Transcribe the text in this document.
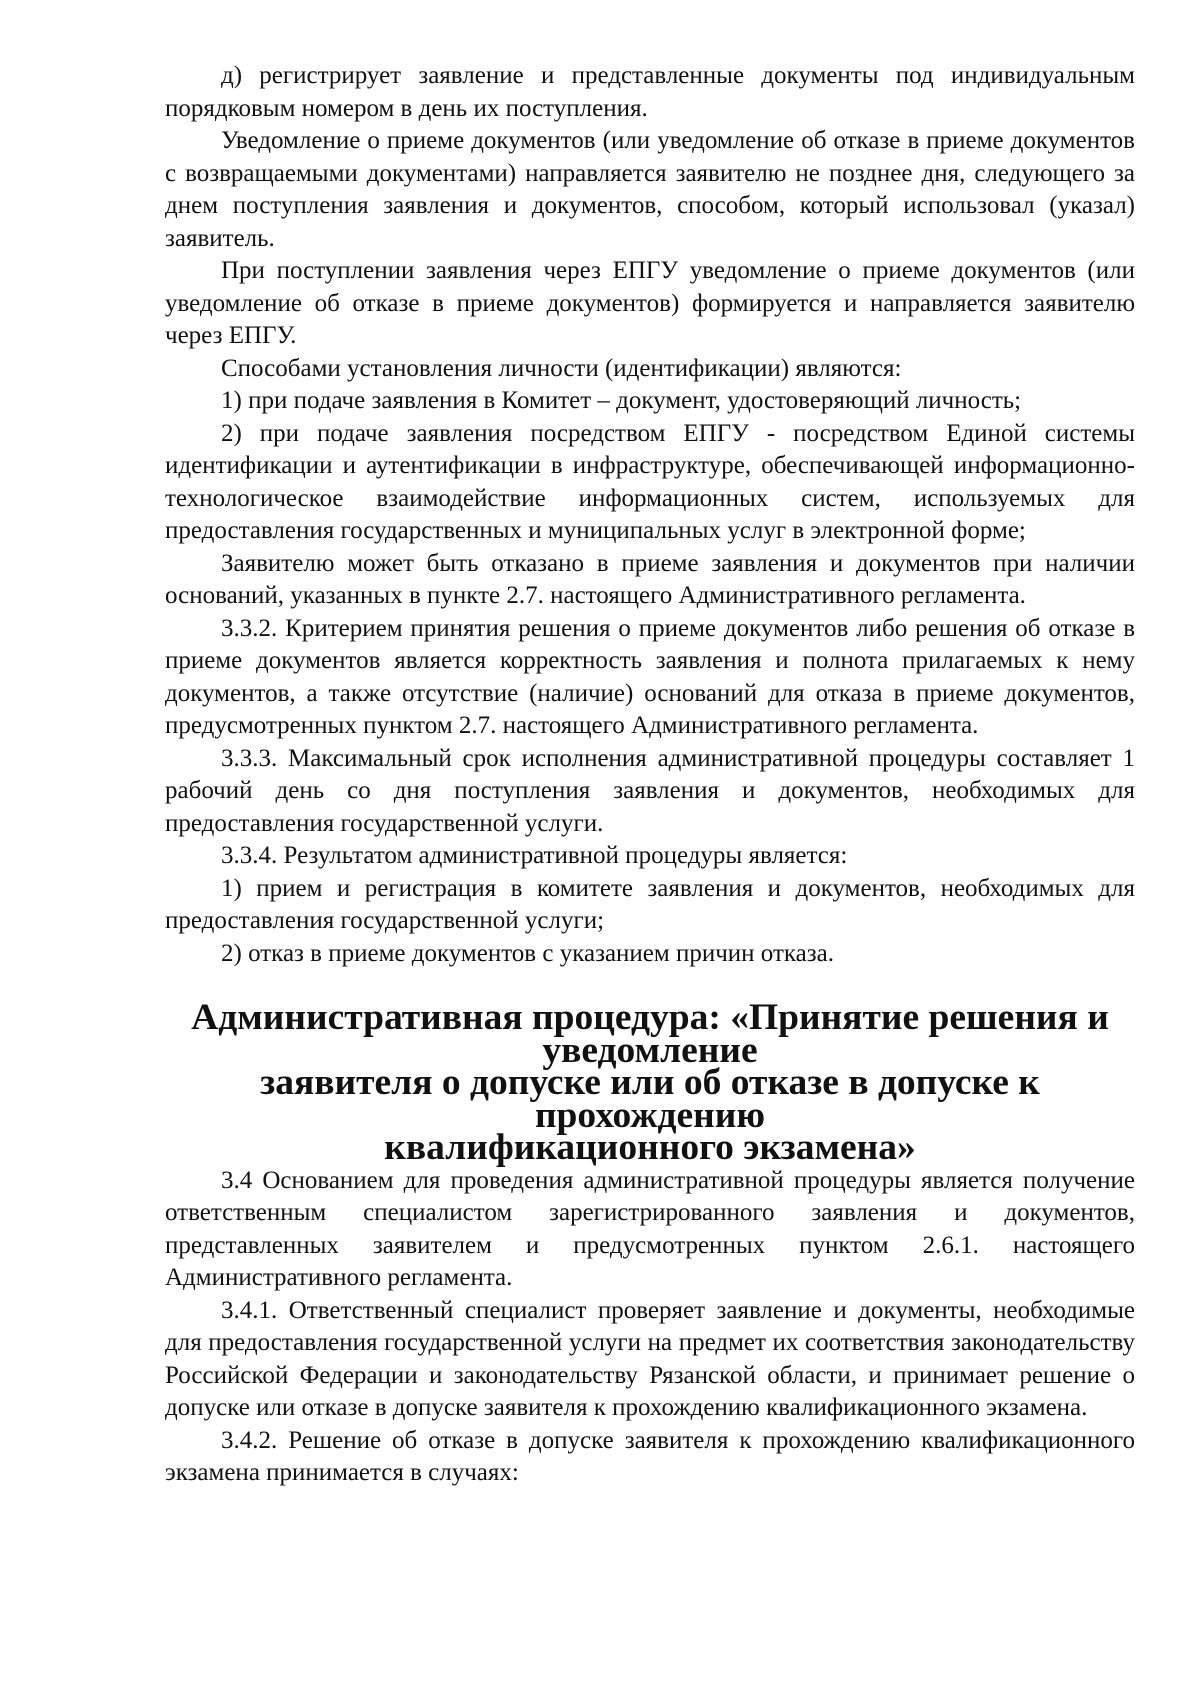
д) регистрирует заявление и представленные документы под индивидуальным порядковым номером в день их поступления.

Уведомление о приеме документов (или уведомление об отказе в приеме документов с возвращаемыми документами) направляется заявителю не позднее дня, следующего за днем поступления заявления и документов, способом, который использовал (указал) заявитель.

При поступлении заявления через ЕПГУ уведомление о приеме документов (или уведомление об отказе в приеме документов) формируется и направляется заявителю через ЕПГУ.

Способами установления личности (идентификации) являются:

1) при подаче заявления в Комитет – документ, удостоверяющий личность;

2) при подаче заявления посредством ЕПГУ - посредством Единой системы идентификации и аутентификации в инфраструктуре, обеспечивающей информационно-технологическое взаимодействие информационных систем, используемых для предоставления государственных и муниципальных услуг в электронной форме;

Заявителю может быть отказано в приеме заявления и документов при наличии оснований, указанных в пункте 2.7. настоящего Административного регламента.

3.3.2. Критерием принятия решения о приеме документов либо решения об отказе в приеме документов является корректность заявления и полнота прилагаемых к нему документов, а также отсутствие (наличие) оснований для отказа в приеме документов, предусмотренных пунктом 2.7. настоящего Административного регламента.

3.3.3. Максимальный срок исполнения административной процедуры составляет 1 рабочий день со дня поступления заявления и документов, необходимых для предоставления государственной услуги.

3.3.4. Результатом административной процедуры является:

1) прием и регистрация в комитете заявления и документов, необходимых для предоставления государственной услуги;

2) отказ в приеме документов с указанием причин отказа.

Административная процедура: «Принятие решения и уведомление
заявителя о допуске или об отказе в допуске к прохождению
квалификационного экзамена»

3.4 Основанием для проведения административной процедуры является получение ответственным специалистом зарегистрированного заявления и документов, представленных заявителем и предусмотренных пунктом 2.6.1. настоящего Административного регламента.

3.4.1. Ответственный специалист проверяет заявление и документы, необходимые для предоставления государственной услуги на предмет их соответствия законодательству Российской Федерации и законодательству Рязанской области, и принимает решение о допуске или отказе в допуске заявителя к прохождению квалификационного экзамена.

3.4.2. Решение об отказе в допуске заявителя к прохождению квалификационного экзамена принимается в случаях:
